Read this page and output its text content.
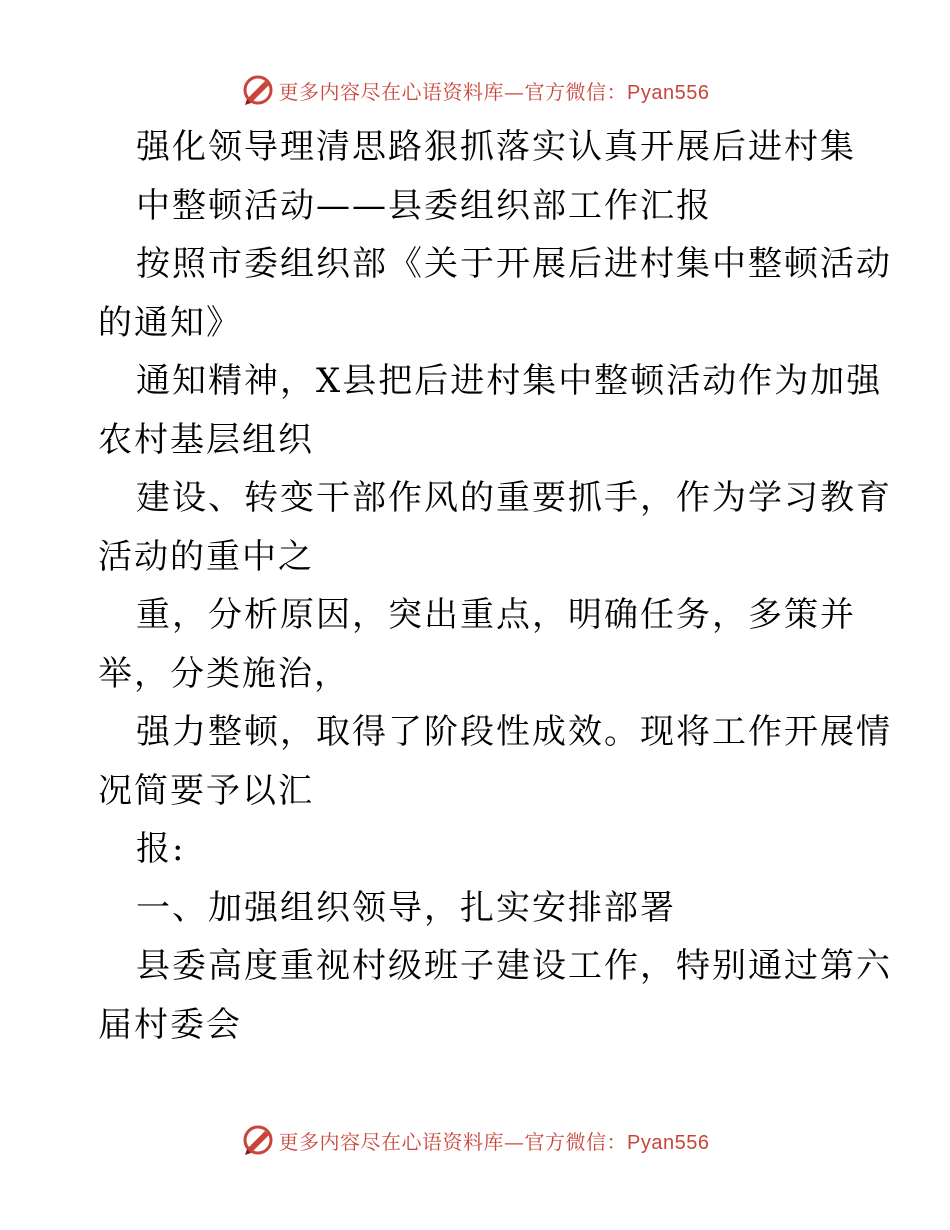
更多内容尽在心语资料库—官方微信：Pyan556
强化领导理清思路狠抓落实认真开展后进村集
中整顿活动——县委组织部工作汇报
按照市委组织部《关于开展后进村集中整顿活动
的通知》
通知精神，X县把后进村集中整顿活动作为加强
农村基层组织
建设、转变干部作风的重要抓手，作为学习教育
活动的重中之
重，分析原因，突出重点，明确任务，多策并
举，分类施治，
强力整顿，取得了阶段性成效。现将工作开展情
况简要予以汇
报:
一、加强组织领导，扎实安排部署
县委高度重视村级班子建设工作，特别通过第六
届村委会
更多内容尽在心语资料库—官方微信：Pyan556
